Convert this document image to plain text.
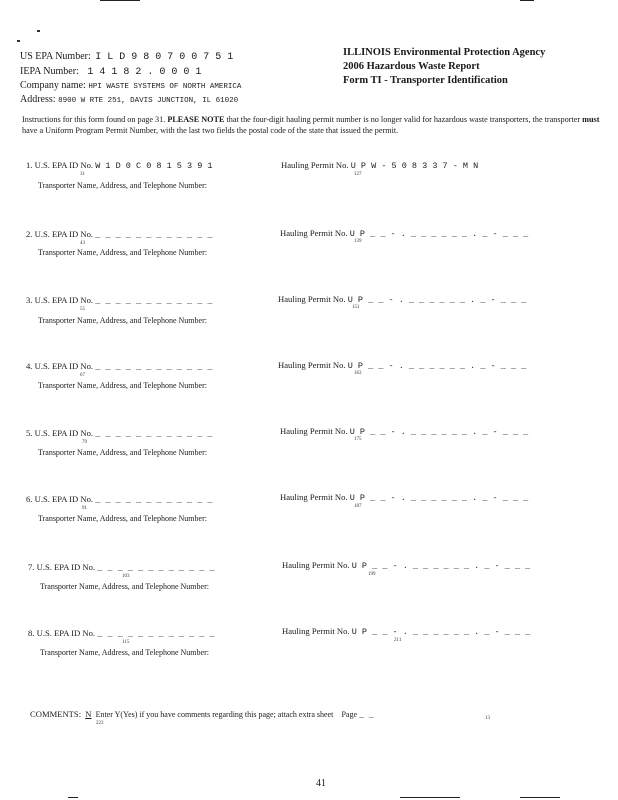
US EPA Number: I L D 9 8 0 7 0 0 7 5 1
IEPA Number: 1 4 1 8 2 . 0 0 0 1
Company name: HPI WASTE SYSTEMS OF NORTH AMERICA
Address: 8900 W RTE 251, DAVIS JUNCTION, IL 61020
ILLINOIS Environmental Protection Agency
2006 Hazardous Waste Report
Form TI - Transporter Identification
Instructions for this form found on page 31. PLEASE NOTE that the four-digit hauling permit number is no longer valid for hazardous waste transporters, the transporter must have a Uniform Program Permit Number, with the last two fields the postal code of the state that issued the permit.
1. U.S. EPA ID No. W 1 D 0 C 0 8 1 5 3 9 1
31
Hauling Permit No. U P W - 5 0 8 3 3 7 - M N
127
Transporter Name, Address, and Telephone Number:
2. U.S. EPA ID No. _ _ _ _ _ _ _ _ _ _ _ _
43
Hauling Permit No. U P _ _ - . _ _ _ _ _ _ . _ - _ _ _
139
Transporter Name, Address, and Telephone Number:
3. U.S. EPA ID No. _ _ _ _ _ _ _ _ _ _ _ _
55
Hauling Permit No. U P _ _ - . _ _ _ _ _ _ . _ - _ _ _
151
Transporter Name, Address, and Telephone Number:
4. U.S. EPA ID No. _ _ _ _ _ _ _ _ _ _ _ _
67
Hauling Permit No. U P _ _ - . _ _ _ _ _ _ . _ - _ _ _
163
Transporter Name, Address, and Telephone Number:
5. U.S. EPA ID No. _ _ _ _ _ _ _ _ _ _ _ _
79
Hauling Permit No. U P _ _ - . _ _ _ _ _ _ . _ - _ _ _
175
Transporter Name, Address, and Telephone Number:
6. U.S. EPA ID No. _ _ _ _ _ _ _ _ _ _ _ _
91
Hauling Permit No. U P _ _ - . _ _ _ _ _ _ . _ - _ _ _
187
Transporter Name, Address, and Telephone Number:
7. U.S. EPA ID No. _ _ _ _ _ _ _ _ _ _ _ _
103
Hauling Permit No. U P _ _ - . _ _ _ _ _ _ . _ - _ _ _
199
Transporter Name, Address, and Telephone Number:
8. U.S. EPA ID No. _ _ _ _ _ _ _ _ _ _ _ _
115
Hauling Permit No. U P _ _ - . _ _ _ _ _ _ . _ - _ _ _
211
Transporter Name, Address, and Telephone Number:
COMMENTS: N Enter Y(Yes) if you have comments regarding this page; attach extra sheet Page _ _
223
13
41
